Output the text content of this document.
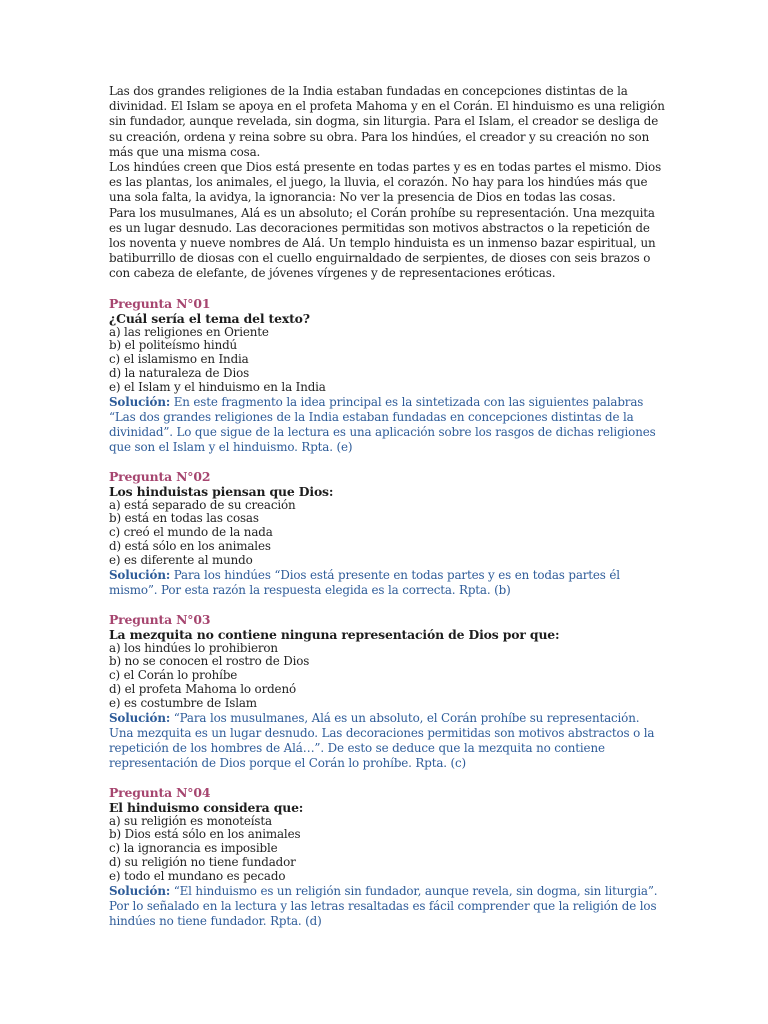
Las dos grandes religiones de la India estaban fundadas en concepciones distintas de la divinidad. El Islam se apoya en el profeta Mahoma y en el Corán. El hinduismo es una religión sin fundador, aunque revelada, sin dogma, sin liturgia. Para el Islam, el creador se desliga de su creación, ordena y reina sobre su obra. Para los hindúes, el creador y su creación no son más que una misma cosa.

Los hindúes creen que Dios está presente en todas partes y es en todas partes el mismo. Dios es las plantas, los animales, el juego, la lluvia, el corazón. No hay para los hindúes más que una sola falta, la avidya, la ignorancia: No ver la presencia de Dios en todas las cosas.

Para los musulmanes, Alá es un absoluto; el Corán prohíbe su representación. Una mezquita es un lugar desnudo. Las decoraciones permitidas son motivos abstractos o la repetición de los noventa y nueve nombres de Alá. Un templo hinduista es un inmenso bazar espiritual, un batiburrillo de diosas con el cuello enguirnaldado de serpientes, de dioses con seis brazos o con cabeza de elefante, de jóvenes vírgenes y de representaciones eróticas.

Pregunta N°01
¿Cuál sería el tema del texto?
a) las religiones en Oriente
b) el politeísmo hindú
c) el islamismo en India
d) la naturaleza de Dios
e) el Islam y el hinduismo en la India
Solución: En este fragmento la idea principal es la sintetizada con las siguientes palabras “Las dos grandes religiones de la India estaban fundadas en concepciones distintas de la divinidad”. Lo que sigue de la lectura es una aplicación sobre los rasgos de dichas religiones que son el Islam y el hinduismo. Rpta. (e)
Pregunta N°02
Los hinduistas piensan que Dios:
a) está separado de su creación
b) está en todas las cosas
c) creó el mundo de la nada
d) está sólo en los animales
e) es diferente al mundo
Solución: Para los hindúes “Dios está presente en todas partes y es en todas partes él mismo”. Por esta razón la respuesta elegida es la correcta. Rpta. (b)
Pregunta N°03
La mezquita no contiene ninguna representación de Dios por que:
a) los hindúes lo prohibieron
b) no se conocen el rostro de Dios
c) el Corán lo prohíbe
d) el profeta Mahoma lo ordenó
e) es costumbre de Islam
Solución: “Para los musulmanes, Alá es un absoluto, el Corán prohíbe su representación. Una mezquita es un lugar desnudo. Las decoraciones permitidas son motivos abstractos o la repetición de los hombres de Alá…”. De esto se deduce que la mezquita no contiene representación de Dios porque el Corán lo prohíbe. Rpta. (c)
Pregunta N°04
El hinduismo considera que:
a) su religión es monoteísta
b) Dios está sólo en los animales
c) la ignorancia es imposible
d) su religión no tiene fundador
e) todo el mundano es pecado
Solución: “El hinduismo es un religión sin fundador, aunque revela, sin dogma, sin liturgia”. Por lo señalado en la lectura y las letras resaltadas es fácil comprender que la religión de los hindúes no tiene fundador. Rpta. (d)
